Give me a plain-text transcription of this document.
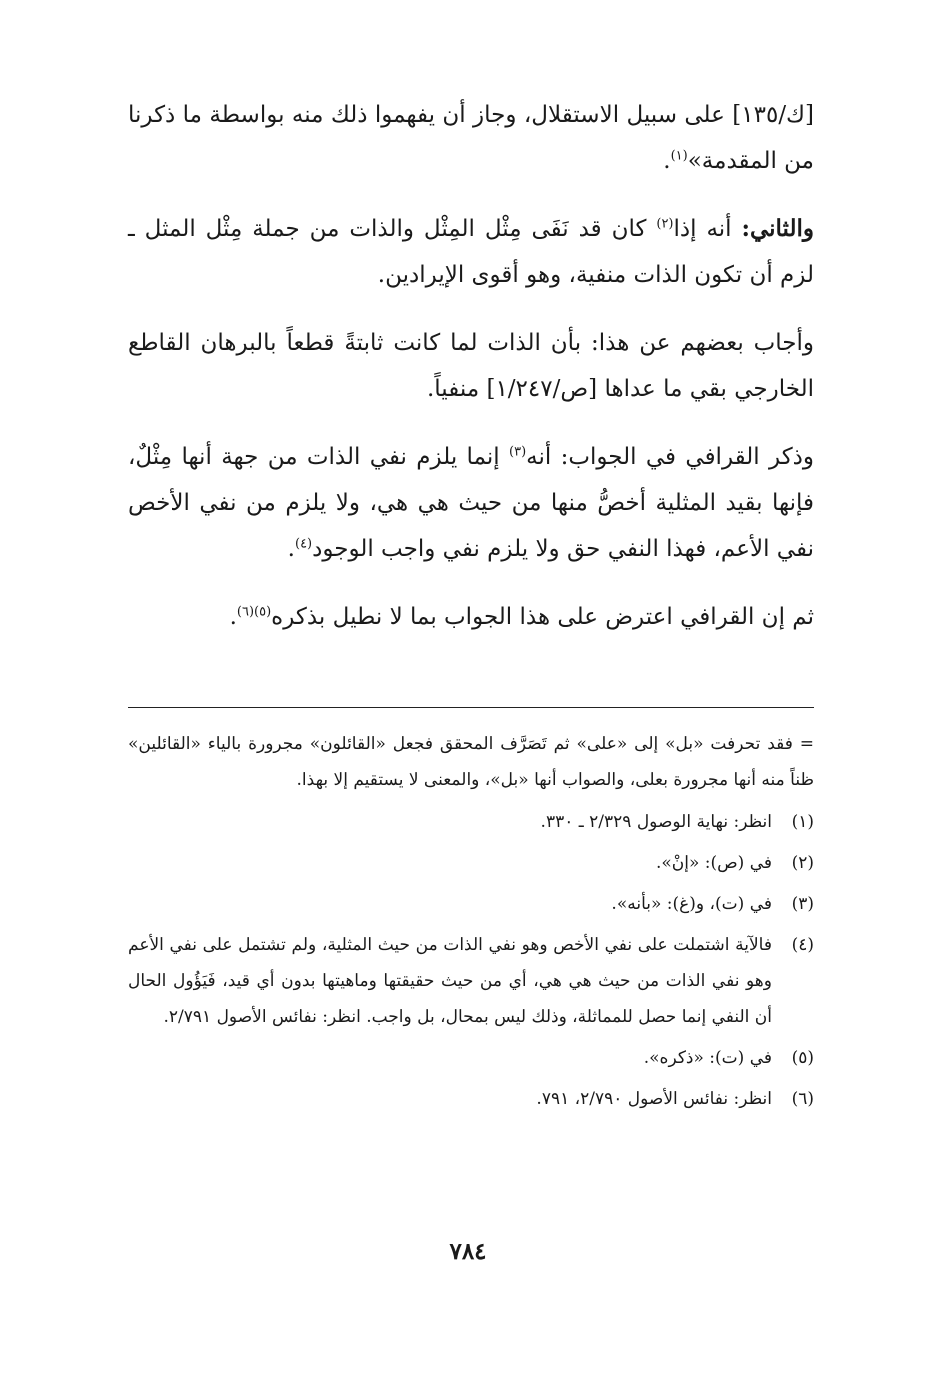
[ك/١٣٥] على سبيل الاستقلال، وجاز أن يفهموا ذلك منه بواسطة ما ذكرنا من المقدمة»$^{(١)}$.

والثاني: أنه إذا$^{(٢)}$ كان قد نَفَى مِثْل المِثْل والذات من جملة مِثْل المثل ـ لزم أن تكون الذات منفية، وهو أقوى الإيرادين.

وأجاب بعضهم عن هذا: بأن الذات لما كانت ثابتةً قطعاً بالبرهان القاطع الخارجي بقي ما عداها [ص/١/٢٤٧] منفياً.

وذكر القرافي في الجواب: أنه$^{(٣)}$ إنما يلزم نفي الذات من جهة أنها مِثْلٌ، فإنها بقيد المثلية أخصُّ منها من حيث هي هي، ولا يلزم من نفي الأخص نفي الأعم، فهذا النفي حق ولا يلزم نفي واجب الوجود$^{(٤)}$.

ثم إن القرافي اعترض على هذا الجواب بما لا نطيل بذكره$^{(٥)(٦)}$.

= فقد تحرفت «بل» إلى «على» ثم تَصَرَّف المحقق فجعل «القائلون» مجرورة بالياء «القائلين» ظناً منه أنها مجرورة بعلى، والصواب أنها «بل»، والمعنى لا يستقيم إلا بهذا.
(١)
انظر: نهاية الوصول ٢/٣٢٩ ـ ٣٣٠.
(٢)
في (ص): «إنْ».
(٣)
في (ت)، و(غ): «بأنه».
(٤)
فالآية اشتملت على نفي الأخص وهو نفي الذات من حيث المثلية، ولم تشتمل على نفي الأعم وهو نفي الذات من حيث هي هي، أي من حيث حقيقتها وماهيتها بدون أي قيد، فَيَؤُول الحال أن النفي إنما حصل للمماثلة، وذلك ليس بمحال، بل واجب. انظر: نفائس الأصول ٢/٧٩١.
(٥)
في (ت): «ذكره».
(٦)
انظر: نفائس الأصول ٢/٧٩٠، ٧٩١.
٧٨٤
